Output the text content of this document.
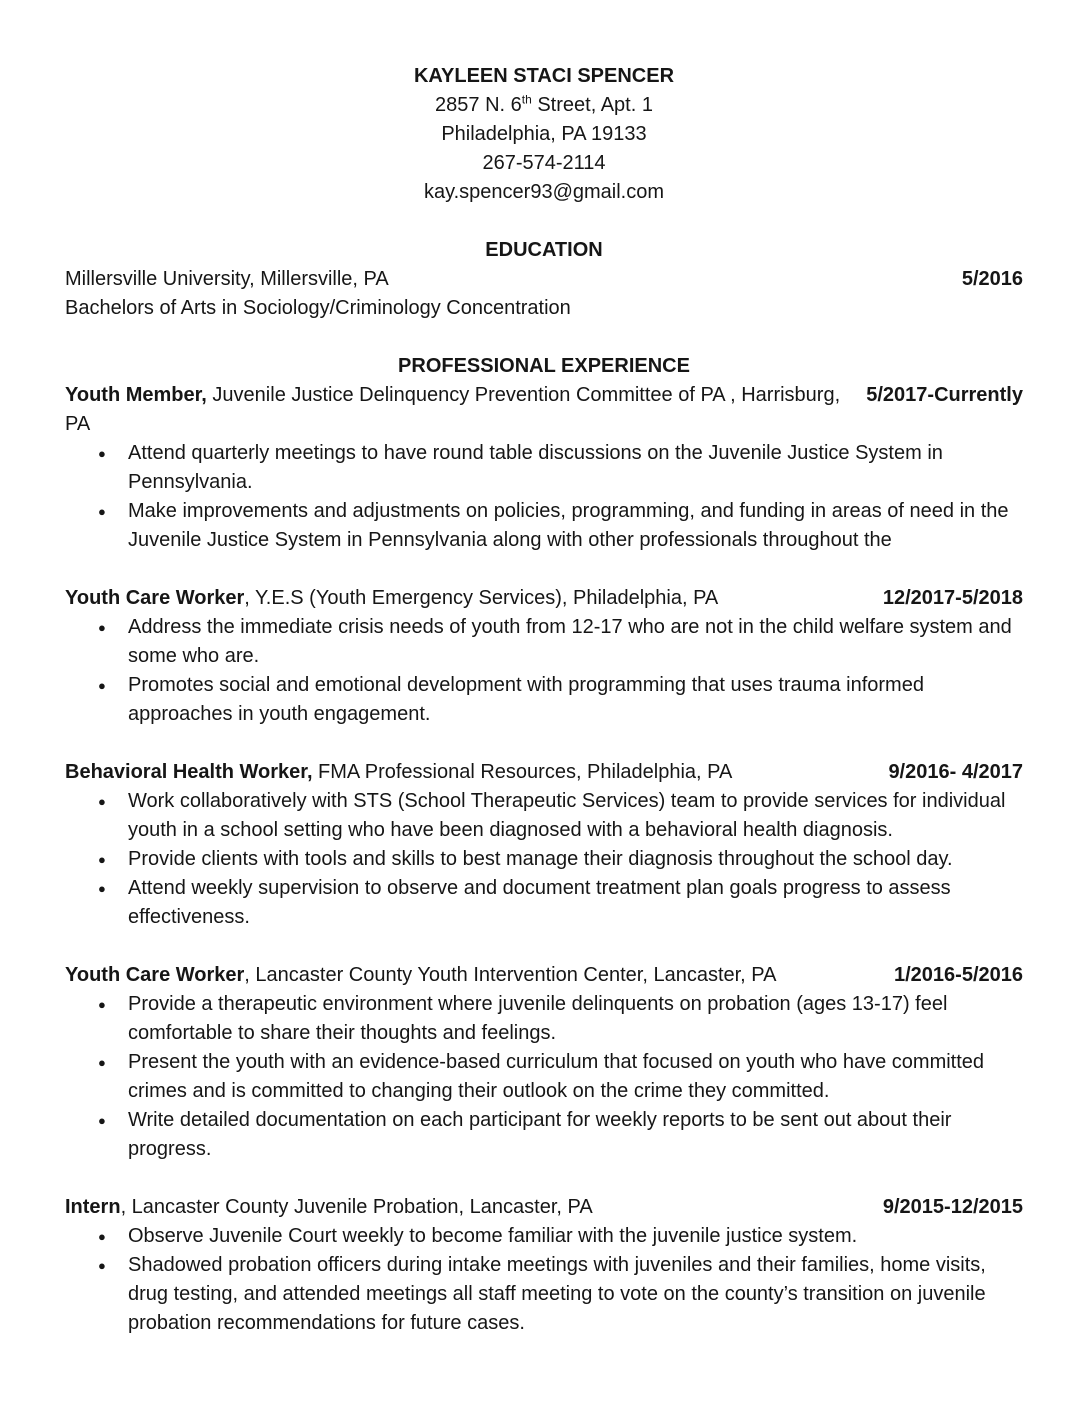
KAYLEEN STACI SPENCER
2857 N. 6th Street, Apt. 1
Philadelphia, PA 19133
267-574-2114
kay.spencer93@gmail.com
EDUCATION
Millersville University, Millersville, PA	5/2016
Bachelors of Arts in Sociology/Criminology Concentration
PROFESSIONAL EXPERIENCE
Youth Member, Juvenile Justice Delinquency Prevention Committee of PA , Harrisburg, PA
5/2017-Currently
●	Attend quarterly meetings to have round table discussions on the Juvenile Justice System in Pennsylvania.
●	Make improvements and adjustments on policies, programming, and funding in areas of need in the Juvenile Justice System in Pennsylvania along with other professionals throughout the
Youth Care Worker, Y.E.S (Youth Emergency Services), Philadelphia, PA	12/2017-5/2018
●	Address the immediate crisis needs of youth from 12-17 who are not in the child welfare system and some who are.
●	Promotes social and emotional development with programming that uses trauma informed approaches in youth engagement.
Behavioral Health Worker, FMA Professional Resources, Philadelphia, PA	9/2016- 4/2017
●	Work collaboratively with STS (School Therapeutic Services) team to provide services for individual youth in a school setting who have been diagnosed with a behavioral health diagnosis.
●	Provide clients with tools and skills to best manage their diagnosis throughout the school day.
●	Attend weekly supervision to observe and document treatment plan goals progress to assess effectiveness.
Youth Care Worker, Lancaster County Youth Intervention Center, Lancaster, PA	1/2016-5/2016
●	Provide a therapeutic environment where juvenile delinquents on probation (ages 13-17) feel comfortable to share their thoughts and feelings.
●	Present the youth with an evidence-based curriculum that focused on youth who have committed crimes and is committed to changing their outlook on the crime they committed.
●	Write detailed documentation on each participant for weekly reports to be sent out about their progress.
Intern, Lancaster County Juvenile Probation, Lancaster, PA	9/2015-12/2015
●	Observe Juvenile Court weekly to become familiar with the juvenile justice system.
●	Shadowed probation officers during intake meetings with juveniles and their families, home visits, drug testing, and attended meetings all staff meeting to vote on the county’s transition on juvenile probation recommendations for future cases.
